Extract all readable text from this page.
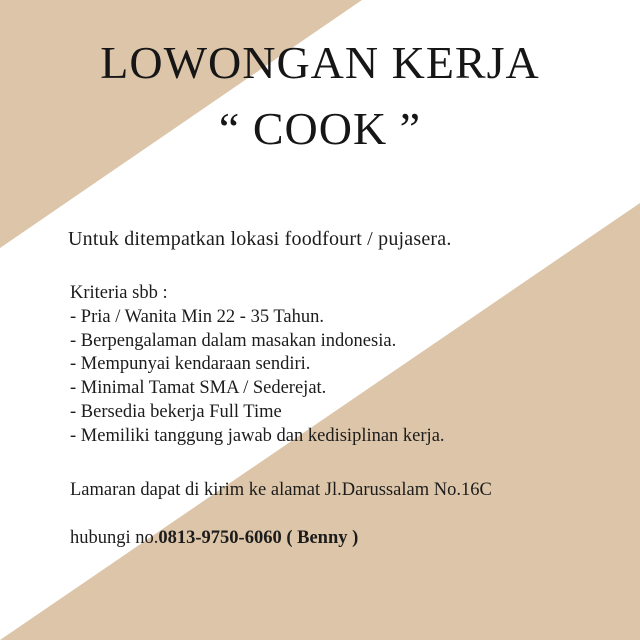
LOWONGAN KERJA
“ COOK ”
Untuk ditempatkan lokasi foodfourt / pujasera.
Kriteria sbb :
- Pria / Wanita Min 22 - 35 Tahun.
- Berpengalaman dalam masakan indonesia.
- Mempunyai kendaraan sendiri.
- Minimal Tamat SMA / Sederejat.
- Bersedia bekerja Full Time
- Memiliki tanggung jawab dan kedisiplinan kerja.
Lamaran dapat di kirim ke alamat Jl.Darussalam No.16C
hubungi no.0813-9750-6060 ( Benny )
